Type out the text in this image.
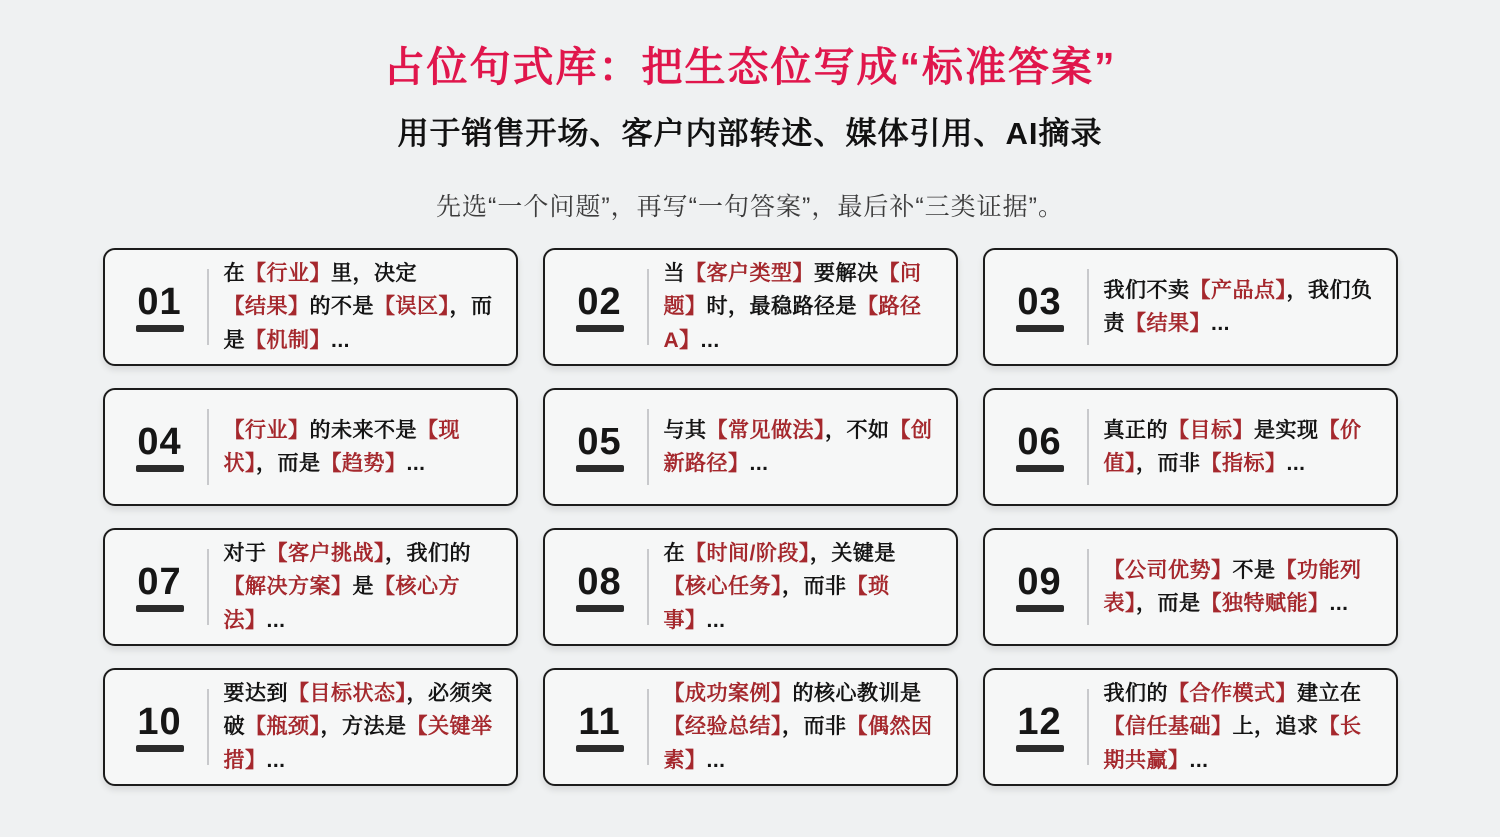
占位句式库：把生态位写成“标准答案”
用于销售开场、客户内部转述、媒体引用、AI摘录

先选“一个问题”，再写“一句答案”，最后补“三类证据”。

01

在【行业】里，决定【结果】的不是【误区】，而是【机制】...

02

当【客户类型】要解决【问题】时，最稳路径是【路径A】...

03 我们不卖【产品点】，我们负责【结果】...

04 【行业】的未来不是【现状】，而是【趋势】...

05 与其【常见做法】，不如【创新路径】...

06 真正的【目标】是实现【价值】，而非【指标】...

07

对于【客户挑战】，我们的【解决方案】是【核心方法】...

08

在【时间/阶段】，关键是【核心任务】，而非【琐事】...

09 【公司优势】不是【功能列表】，而是【独特赋能】...

10

要达到【目标状态】，必须突破【瓶颈】，方法是【关键举措】...

11

【成功案例】的核心教训是【经验总结】，而非【偶然因素】...

12

我们的【合作模式】建立在【信任基础】上，追求【长期共赢】...
